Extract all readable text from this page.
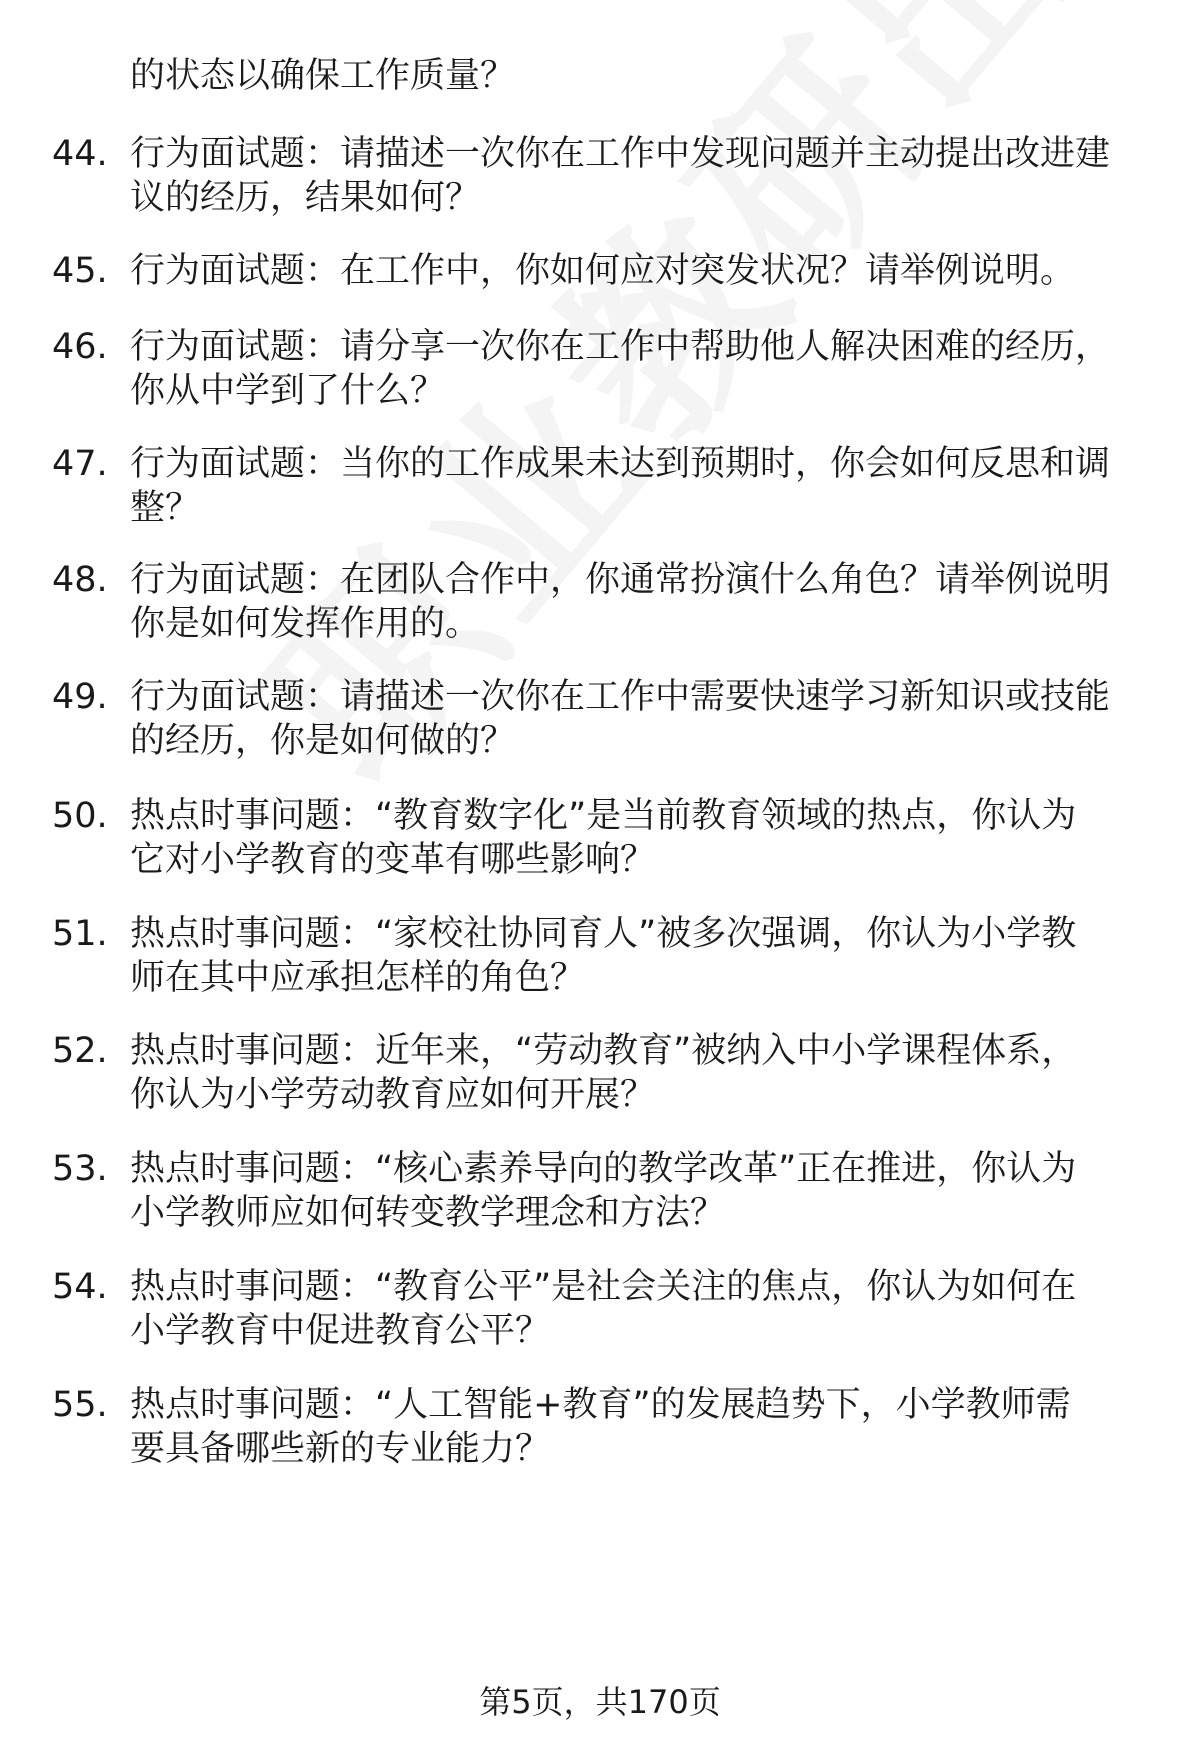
的状态以确保工作质量？
44. 行为面试题：请描述一次你在工作中发现问题并主动提出改进建
议的经历，结果如何？
45. 行为面试题：在工作中，你如何应对突发状况？请举例说明。
46. 行为面试题：请分享一次你在工作中帮助他人解决困难的经历，
你从中学到了什么？
47. 行为面试题：当你的工作成果未达到预期时，你会如何反思和调
整？
48. 行为面试题：在团队合作中，你通常扮演什么角色？请举例说明
你是如何发挥作用的。
49. 行为面试题：请描述一次你在工作中需要快速学习新知识或技能
的经历，你是如何做的？
50. 热点时事问题：“教育数字化”是当前教育领域的热点，你认为
它对小学教育的变革有哪些影响？
51. 热点时事问题：“家校社协同育人”被多次强调，你认为小学教
师在其中应承担怎样的角色？
52. 热点时事问题：近年来，“劳动教育”被纳入中小学课程体系，
你认为小学劳动教育应如何开展？
53. 热点时事问题：“核心素养导向的教学改革”正在推进，你认为
小学教师应如何转变教学理念和方法？
54. 热点时事问题：“教育公平”是社会关注的焦点，你认为如何在
小学教育中促进教育公平？
55. 热点时事问题：“人工智能+教育”的发展趋势下，小学教师需
要具备哪些新的专业能力？
第5页，共170页
